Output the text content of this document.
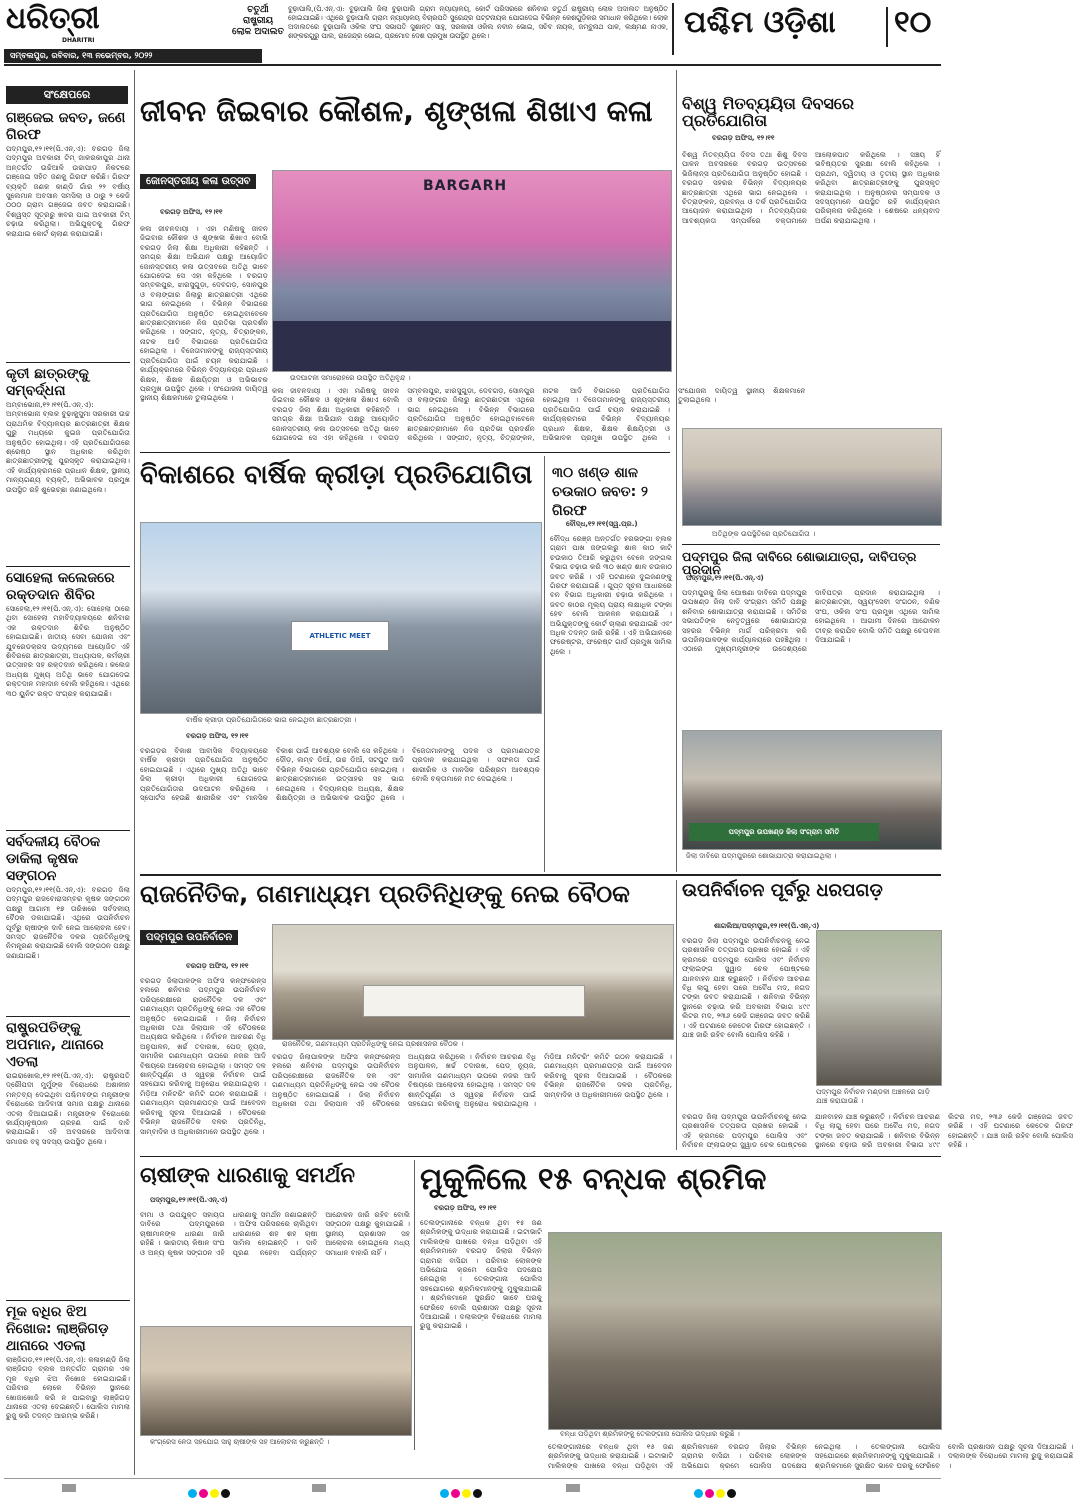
ଧରିତ୍ରୀ
DHARITRI
ସମ୍ବଲପୁର, ରବିବାର, ୧୩ ନଭେମ୍ବର, ୨୦୨୨
ଚତୁର୍ଥୀ ରାଷ୍ଟ୍ରୀୟ ଲୋକ ଅଦାଲତ
ବୁଢ଼ାପାଲି,(ପି.ଏନ୍.ଏ): ବୁଢ଼ାପାଲି ଜିଲା ବୁଢ଼ାପାଲି ଗ୍ରାମ ନ୍ୟାୟାଳୟ, କୋର୍ଟ ପରିସରରେ ଶନିବାର ଚତୁର୍ଥ ରାଷ୍ଟ୍ରୀୟ ଲୋକ ଅଦାଲତ ଅନୁଷ୍ଠିତ ହୋଇଯାଇଛି। ଏଥିରେ ବୁଢ଼ାପାଲି ଗ୍ରାମ ନ୍ୟାୟାଳୟ ବିଚାରପତି ସୁରେନ୍ଦ୍ର ପଟ୍ଟନାୟକ ଯୋଗଦେଇ ବିଭିନ୍ନ କେଶଗୁଡ଼ିକର ସମାଧାନ କରିଥିଲେ। ଲୋକ ଅଦାଲତରେ ବୁଢ଼ାପାଲି ଓକିଲ ସଂଘ ସଭାପତି ସୁଶାନ୍ତ ସାହୁ, ସରକାରୀ ଓକିଲ ନବୀନ ଭୋଇ, ସଚିବ ନାୟକ, ଜମ୍ବୁନାଥ ପାଳ, ଲକ୍ଷ୍ମଣ ନାଏକ, ଶଙ୍କରଗୁରୁ ପାଲ, ରାଜେନ୍ଦ୍ର ଭୋଇ, ପ୍ରମୋଦ ଦେଶ ପ୍ରମୁଖ ଉପସ୍ଥିତ ଥିଲେ।	ପଶ୍ଚିମ ଓଡ଼ିଶା ୧୦
ସଂକ୍ଷେପରେ
ଗଞ୍ଜେଇ ଜବତ, ଜଣେ ଗିରଫ
ପଦ୍ମପୁର,୧୨।୧୧(ପି.ଏନ୍.ଏ): ବରଗଡ଼ ଜିଲା ପଦ୍ମପୁର ଅବକାରୀ ଟିମ୍ ଜାକରକାପୁର ଥାନା ଅନ୍ତର୍ଗତ ଉଚ୍ଚିଆଳି ଉଚ୍ଚାପାଡ଼ ନିକଟରେ ଗଞ୍ଜେଇ ସହିତ ଜଣକୁ ଗିରଫ କରିଛି। ଗିରଫ ବ୍ୟକ୍ତି ଜଣକ କାଣ୍ଡି ଗାଁର ୨୨ ବର୍ଷୀୟ ସୁଲେମାନ ଅବସାନ ସମସିଲା ଓ ଠାରୁ ୨ କେଜି ୦୦୦ ଗ୍ରାମ ଗଞ୍ଜେଇ ଜବତ କରାଯାଇଛି। ବିଶ୍ୱସ୍ତ ସୂତ୍ରରୁ ଖବର ପାଇ ଅବକାରୀ ଟିମ୍ ଚଢ଼ାଉ କରିଥିଲା। ଅଭିଯୁକ୍ତକୁ ଗିରଫ କରାଯାଇ କୋର୍ଟ ଚାଲାଣ କରାଯାଇଛି।
କୃତୀ ଛାତ୍ରଙ୍କୁ ସମ୍ବର୍ଦ୍ଧନା
ଅମ୍ବାଭୋନା,୧୨।୧୧(ପି.ଏନ୍.ଏ): ଅମ୍ବାଭୋନା ବ୍ଲକ ବୁଢ଼ାକୁସୁମା ସରକାରୀ ଉଚ୍ଚ ପ୍ରାଥମିକ ବିଦ୍ୟାଳୟର ଛାତ୍ରଛାତ୍ରୀ ଶିକ୍ଷକ ଗୁରୁ ମଧ୍ୟରେ କୁଇଜ ପ୍ରତିଯୋଗିତା ଅନୁଷ୍ଠିତ ହୋଇଥିଲା। ଏହି ପ୍ରତିଯୋଗିତାରେ ଶ୍ରେଷ୍ଠ ସ୍ଥାନ ଅଧିକାର କରିଥିବା ଛାତ୍ରଛାତ୍ରୀଙ୍କୁ ପୁରସ୍କୃତ କରାଯାଇଥିଲା। ଏହି କାର୍ଯ୍ୟକ୍ରମରେ ପ୍ରଧାନ ଶିକ୍ଷକ, ସ୍ଥାନୀୟ ମାନ୍ୟଗଣ୍ୟ ବ୍ୟକ୍ତି, ଅଭିଭାବକ ପ୍ରମୁଖ ଉପସ୍ଥିତ ରହି ଶୁଭେଚ୍ଛା ଜଣାଇଥିଲେ।
ସୋହେଲା କଲେଜରେ ରକ୍ତଦାନ ଶିବିର
ସୋହେଲା,୧୨।୧୧(ପି.ଏନ୍.ଏ): ସୋହେଲା ଠାରେ ଥିବା ସୋହେଲା ମହାବିଦ୍ୟାଳୟରେ ଶନିବାର ଏକ ରକ୍ତଦାନ ଶିବିର ଅନୁଷ୍ଠିତ ହୋଇଯାଇଛି। ଜାତୀୟ ସେବା ଯୋଜନା ଏବଂ ଯୁବରେଡକ୍ରସ ଉଦ୍ୟମରେ ଆୟୋଜିତ ଏହି ଶିବିରରେ ଛାତ୍ରଛାତ୍ରୀ, ଅଧ୍ୟାପକ, କର୍ମଚାରୀ ଉତ୍ସାହର ସହ ରକ୍ତଦାନ କରିଥିଲେ। କଲେଜ ଅଧ୍ୟକ୍ଷ ମୁଖ୍ୟ ଅତିଥି ଭାବେ ଯୋଗଦେଇ ରକ୍ତଦାନ ମହାଦାନ ବୋଲି କହିଥିଲେ। ଏଥିରେ ୩୦ ୟୁନିଟ ରକ୍ତ ସଂଗ୍ରହ କରାଯାଇଛି।
ସର୍ବଦଳୀୟ ବୈଠକ
ଡାକିଲା କୃଷକ ସଙ୍ଗଠନ
ପଦ୍ମପୁର,୧୨।୧୧(ପି.ଏନ୍.ଏ): ବରଗଡ଼ ଜିଲା ପଦ୍ମପୁର ରାଜବୋରାସମ୍ବର କୃଷକ ସଙ୍ଗଠନ ପକ୍ଷରୁ ଆଗାମୀ ୧୭ ତାରିଖରେ ସର୍ବଦଳୀୟ ବୈଠକ ଡକାଯାଇଛି। ଏଥିରେ ଉପନିର୍ବାଚନ ପୂର୍ବରୁ ଚାଷୀଙ୍କ ଦାବି ନେଇ ଆଲୋଚନା ହେବ। ସମସ୍ତ ରାଜନୈତିକ ଦଳର ପ୍ରତିନିଧିଙ୍କୁ ନିମନ୍ତ୍ରଣ କରାଯାଇଛି ବୋଲି ସଙ୍ଗଠନ ପକ୍ଷରୁ ଜଣାଯାଇଛି।
ରାଷ୍ଟ୍ରପତିଙ୍କୁ ଅପମାନ, ଥାନାରେ ଏତଲା
ରାଇରାଖୋଲ,୧୨।୧୧(ପି.ଏନ୍.ଏ): ରାଷ୍ଟ୍ରପତି ଦ୍ରୌପଦୀ ମୁର୍ମୁଙ୍କ ବିରୋଧରେ ଅଶାଳୀନ ମନ୍ତବ୍ୟ ଦେଇଥିବା ପଶ୍ଚିମବଙ୍ଗ ମନ୍ତ୍ରୀଙ୍କ ବିରୋଧରେ ଆଦିବାସୀ ସମାଜ ପକ୍ଷରୁ ଥାନାରେ ଏତଲା ଦିଆଯାଇଛି। ମନ୍ତ୍ରୀଙ୍କ ବିରୋଧରେ କାର୍ଯ୍ୟାନୁଷ୍ଠାନ ଗ୍ରହଣ ପାଇଁ ଦାବି କରାଯାଇଛି। ଏହି ଅବସରରେ ଆଦିବାସୀ ସମାଜର ବହୁ ସଦସ୍ୟ ଉପସ୍ଥିତ ଥିଲେ।
ମୂକ ବଧିର ଝିଅ ନିଖୋଜ: ଲାଞ୍ଜିଗଡ଼ ଥାନାରେ ଏତଲା
ଲାଞ୍ଜିଗଡ଼,୧୨।୧୧(ପି.ଏନ୍.ଏ): କଳାହାଣ୍ଡି ଜିଲା ଲାଞ୍ଜିଗଡ଼ ବ୍ଲକ ଅନ୍ତର୍ଗତ ଗ୍ରାମର ଏକ ମୂକ ବଧିର ଝିଅ ନିଖୋଜ ହୋଇଯାଇଛି। ପରିବାର ଲୋକେ ବିଭିନ୍ନ ସ୍ଥାନରେ ଖୋଜାଖୋଜି କରି ନ ପାଇବାରୁ ଲାଞ୍ଜିଗଡ଼ ଥାନାରେ ଏତଲା ଦେଇଛନ୍ତି। ପୋଲିସ ମାମଲା ରୁଜୁ କରି ତଦନ୍ତ ଆରମ୍ଭ କରିଛି।
ଜୀବନ ଜିଇବାର କୌଶଳ, ଶୃଙ୍ଖଳା ଶିଖାଏ କଳା
ଜୋନସ୍ତରୀୟ କଳା ଉତ୍ସବ
ବରଗଡ଼ ଅଫିସ, ୧୨।୧୧
BARGARH
ଉଦଘାଟନୀ ସମାରୋହରେ ଉପସ୍ଥିତ ଅତିଥିବୃନ୍ଦ ।
କଳା ଜୀବନଦାୟୀ । ଏହା ମଣିଷକୁ ଜୀବନ ଜିଇବାର କୌଶଳ ଓ ଶୃଙ୍ଖଳା ଶିଖାଏ ବୋଲି ବରଗଡ଼ ଜିଲା ଶିକ୍ଷା ଅଧିକାରୀ କହିଛନ୍ତି । ସମଗ୍ର ଶିକ୍ଷା ଅଭିଯାନ ପକ୍ଷରୁ ଆୟୋଜିତ ଜୋନସ୍ତରୀୟ କଳା ଉତ୍ସବରେ ଅତିଥି ଭାବେ ଯୋଗଦେଇ ସେ ଏହା କହିଥିଲେ । ବରଗଡ଼ ସମ୍ବଲପୁର, ଝାରସୁଗୁଡ଼ା, ଦେବଗଡ଼, ସୋନପୁର ଓ ବଲାଙ୍ଗୀର ଜିଲାରୁ ଛାତ୍ରଛାତ୍ରୀ ଏଥିରେ ଭାଗ ନେଇଥିଲେ । ବିଭିନ୍ନ ବିଭାଗରେ ପ୍ରତିଯୋଗିତା ଅନୁଷ୍ଠିତ ହୋଇଥିବାବେଳେ ଛାତ୍ରଛାତ୍ରୀମାନେ ନିଜ ପ୍ରତିଭା ପ୍ରଦର୍ଶନ କରିଥିଲେ । ସଙ୍ଗୀତ, ନୃତ୍ୟ, ଚିତ୍ରାଙ୍କନ, ନାଟକ ଆଦି ବିଭାଗରେ ପ୍ରତିଯୋଗିତା ହୋଇଥିଲା । ବିଜେତାମାନଙ୍କୁ ରାଜ୍ୟସ୍ତରୀୟ ପ୍ରତିଯୋଗିତା ପାଇଁ ଚୟନ କରାଯାଇଛି । କାର୍ଯ୍ୟକ୍ରମରେ ବିଭିନ୍ନ ବିଦ୍ୟାଳୟର ପ୍ରଧାନ ଶିକ୍ଷକ, ଶିକ୍ଷକ ଶିକ୍ଷୟିତ୍ରୀ ଓ ଅଭିଭାବକ ପ୍ରମୁଖ ଉପସ୍ଥିତ ଥିଲେ । ସଂଯୋଜନା ଦାୟିତ୍ୱ ସ୍ଥାନୀୟ ଶିକ୍ଷକମାନେ ତୁଲାଇଥିଲେ ।
କଳା ଜୀବନଦାୟୀ । ଏହା ମଣିଷକୁ ଜୀବନ ଜିଇବାର କୌଶଳ ଓ ଶୃଙ୍ଖଳା ଶିଖାଏ ବୋଲି ବରଗଡ଼ ଜିଲା ଶିକ୍ଷା ଅଧିକାରୀ କହିଛନ୍ତି । ସମଗ୍ର ଶିକ୍ଷା ଅଭିଯାନ ପକ୍ଷରୁ ଆୟୋଜିତ ଜୋନସ୍ତରୀୟ କଳା ଉତ୍ସବରେ ଅତିଥି ଭାବେ ଯୋଗଦେଇ ସେ ଏହା କହିଥିଲେ । ବରଗଡ଼ ସମ୍ବଲପୁର, ଝାରସୁଗୁଡ଼ା, ଦେବଗଡ଼, ସୋନପୁର ଓ ବଲାଙ୍ଗୀର ଜିଲାରୁ ଛାତ୍ରଛାତ୍ରୀ ଏଥିରେ ଭାଗ ନେଇଥିଲେ । ବିଭିନ୍ନ ବିଭାଗରେ ପ୍ରତିଯୋଗିତା ଅନୁଷ୍ଠିତ ହୋଇଥିବାବେଳେ ଛାତ୍ରଛାତ୍ରୀମାନେ ନିଜ ପ୍ରତିଭା ପ୍ରଦର୍ଶନ କରିଥିଲେ । ସଙ୍ଗୀତ, ନୃତ୍ୟ, ଚିତ୍ରାଙ୍କନ, ନାଟକ ଆଦି ବିଭାଗରେ ପ୍ରତିଯୋଗିତା ହୋଇଥିଲା । ବିଜେତାମାନଙ୍କୁ ରାଜ୍ୟସ୍ତରୀୟ ପ୍ରତିଯୋଗିତା ପାଇଁ ଚୟନ କରାଯାଇଛି । କାର୍ଯ୍ୟକ୍ରମରେ ବିଭିନ୍ନ ବିଦ୍ୟାଳୟର ପ୍ରଧାନ ଶିକ୍ଷକ, ଶିକ୍ଷକ ଶିକ୍ଷୟିତ୍ରୀ ଓ ଅଭିଭାବକ ପ୍ରମୁଖ ଉପସ୍ଥିତ ଥିଲେ । ସଂଯୋଜନା ଦାୟିତ୍ୱ ସ୍ଥାନୀୟ ଶିକ୍ଷକମାନେ ତୁଲାଇଥିଲେ ।
ବିକାଶରେ ବାର୍ଷିକ କ୍ରୀଡ଼ା ପ୍ରତିଯୋଗିତା
ATHLETIC MEET
ବାର୍ଷିକ କ୍ରୀଡ଼ା ପ୍ରତିଯୋଗିତାରେ ଭାଗ ନେଇଥିବା ଛାତ୍ରଛାତ୍ରୀ ।
ବରଗଡ଼ ଅଫିସ, ୧୨।୧୧
ବରଗଡ଼ର ବିକାଶ ଆବାସିକ ବିଦ୍ୟାଳୟରେ ବାର୍ଷିକ କ୍ରୀଡ଼ା ପ୍ରତିଯୋଗିତା ଅନୁଷ୍ଠିତ ହୋଇଯାଇଛି । ଏଥିରେ ମୁଖ୍ୟ ଅତିଥି ଭାବେ ଜିଲା କ୍ରୀଡ଼ା ଅଧିକାରୀ ଯୋଗଦେଇ ପ୍ରତିଯୋଗିତାର ଉଦଘାଟନ କରିଥିଲେ । ସ୍ପୋର୍ଟସ ହେଉଛି ଶାରୀରିକ ଏବଂ ମାନସିକ ବିକାଶ ପାଇଁ ଆବଶ୍ୟକ ବୋଲି ସେ କହିଥିଲେ । ଦୌଡ଼, ଲମ୍ବ ଡିଆଁ, ଉଚ୍ଚ ଡିଆଁ, ସଟପୁଟ ଆଦି ବିଭିନ୍ନ ବିଭାଗରେ ପ୍ରତିଯୋଗିତା ହୋଇଥିଲା । ଛାତ୍ରଛାତ୍ରୀମାନେ ଉତ୍ସାହର ସହ ଭାଗ ନେଇଥିଲେ । ବିଦ୍ୟାଳୟର ଅଧ୍ୟକ୍ଷ, ଶିକ୍ଷକ ଶିକ୍ଷୟିତ୍ରୀ ଓ ଅଭିଭାବକ ଉପସ୍ଥିତ ଥିଲେ । ବିଜେତାମାନଙ୍କୁ ପଦକ ଓ ପ୍ରମାଣପତ୍ର ପ୍ରଦାନ କରାଯାଇଥିଲା । ସଫଳତା ପାଇଁ ଶାରୀରିକ ଓ ମାନସିକ ପରିଶ୍ରମ ଆବଶ୍ୟକ ବୋଲି ବକ୍ତାମାନେ ମତ ଦେଇଥିଲେ ।
୩୦ ଖଣ୍ଡ ଶାଳ ଚଉକାଠ ଜବତ: ୨ ଗିରଫ
ବୌଦ୍ଧ,୧୨।୧୧(ସ୍ୱ.ପ୍ର.)
ବୌଦ୍ଧ ରେଞ୍ଜ ଅନ୍ତର୍ଗତ ହରଭଙ୍ଗା ବ୍ଲକ ଗ୍ରାମ ପାଖ ଜଙ୍ଗଲରୁ ଶାଳ କାଠ କାଟି ଚଉକାଠ ତିଆରି କରୁଥିବା ବେଳେ ଜଙ୍ଗଲ ବିଭାଗ ଚଢ଼ାଉ କରି ୩୦ ଖଣ୍ଡ ଶାଳ ଚଉକାଠ ଜବତ କରିଛି । ଏହି ଘଟଣାରେ ଦୁଇଜଣଙ୍କୁ ଗିରଫ କରାଯାଇଛି । ଗୁପ୍ତ ସୂଚନା ଆଧାରରେ ବନ ବିଭାଗ ଅଧିକାରୀ ଚଢ଼ାଉ କରିଥିଲେ । ଜବତ କାଠର ମୂଲ୍ୟ ପ୍ରାୟ ଲକ୍ଷାଧିକ ଟଙ୍କା ହେବ ବୋଲି ଆକଳନ କରାଯାଉଛି । ଅଭିଯୁକ୍ତଙ୍କୁ କୋର୍ଟ ଚାଲାଣ କରାଯାଇଛି ଏବଂ ଅଧିକ ତଦନ୍ତ ଜାରି ରହିଛି । ଏହି ଅଭିଯାନରେ ଫରେଷ୍ଟର, ଫରେଷ୍ଟ ଗାର୍ଡ ପ୍ରମୁଖ ସାମିଲ ଥିଲେ ।
ବିଶ୍ୱ ମିତବ୍ୟୟିତା ଦିବସରେ ପ୍ରତିଯୋଗିତା
ବରଗଡ଼ ଅଫିସ, ୧୨।୧୧
ବିଶ୍ୱ ମିତବ୍ୟୟିତା ଦିବସ ତଥା ଶିଶୁ ଦିବସ ପାଳନ ଅବସରରେ ବରଗଡ଼ ଉତ୍ସବରେ ଭିଜିଲାନ୍ସ ପ୍ରତିଯୋଗିତା ଅନୁଷ୍ଠିତ ହୋଇଛି । ବରଗଡ଼ ସହରର ବିଭିନ୍ନ ବିଦ୍ୟାଳୟର ଛାତ୍ରଛାତ୍ରୀ ଏଥିରେ ଭାଗ ନେଇଥିଲେ । ଚିତ୍ରାଙ୍କନ, ପ୍ରବନ୍ଧ ଓ ତର୍କ ପ୍ରତିଯୋଗିତା ଆୟୋଜନ କରାଯାଇଥିଲା । ମିତବ୍ୟୟିତାର ଆବଶ୍ୟକତା ସମ୍ପର୍କରେ ବକ୍ତାମାନେ ଆଲୋକପାତ କରିଥିଲେ । ସଞ୍ଚୟ ହିଁ ଭବିଷ୍ୟତର ସୁରକ୍ଷା ବୋଲି କହିଥିଲେ । ପ୍ରଥମ, ଦ୍ୱିତୀୟ ଓ ତୃତୀୟ ସ୍ଥାନ ଅଧିକାର କରିଥିବା ଛାତ୍ରଛାତ୍ରୀଙ୍କୁ ପୁରସ୍କୃତ କରାଯାଇଥିଲା । ଅନୁଷ୍ଠାନର ସମ୍ପାଦକ ଓ ସଦସ୍ୟମାନେ ଉପସ୍ଥିତ ରହି କାର୍ଯ୍ୟକ୍ରମ ପରିଚାଳନା କରିଥିଲେ । ଶେଷରେ ଧନ୍ୟବାଦ ଅର୍ପଣ କରାଯାଇଥିଲା ।
ଅତିଥିଙ୍କ ଉପସ୍ଥିତିରେ ପ୍ରତିଯୋଗିତା ।
ପଦ୍ମପୁର ଜିଲା ଦାବିରେ ଶୋଭାଯାତ୍ରା, ଦାବିପତ୍ର ପ୍ରଦାନ
ପଦ୍ମପୁର,୧୨।୧୧(ପି.ଏନ୍.ଏ)
ପଦ୍ମପୁରକୁ ଜିଲା ଘୋଷଣା ଦାବିରେ ପଦ୍ମପୁର ଉପଖଣ୍ଡ ଜିଲା ଦାବି ସଂଗ୍ରାମ ସମିତି ପକ୍ଷରୁ ଶନିବାର ଶୋଭାଯାତ୍ରା କରାଯାଇଛି । ସମିତିର ସଭାପତିଙ୍କ ନେତୃତ୍ୱରେ ଶୋଭାଯାତ୍ରା ସହରର ବିଭିନ୍ନ ମାର୍ଗ ପରିକ୍ରମା କରି ଉପଜିଲାପାଳଙ୍କ କାର୍ଯ୍ୟାଳୟରେ ପହଞ୍ଚିଥିଲା । ଏଠାରେ ମୁଖ୍ୟମନ୍ତ୍ରୀଙ୍କ ଉଦ୍ଦେଶ୍ୟରେ ଦାବିପତ୍ର ପ୍ରଦାନ କରାଯାଇଥିଲା । ଛାତ୍ରଛାତ୍ରୀ, ସ୍ୱୟଂସେବୀ ସଂଗଠନ, ବଣିକ ସଂଘ, ଓକିଲ ସଂଘ ପ୍ରମୁଖ ଏଥିରେ ସାମିଲ ହୋଇଥିଲେ । ଆଗାମୀ ଦିନରେ ଆନ୍ଦୋଳନ ତୀବ୍ର କରାଯିବ ବୋଲି ସମିତି ପକ୍ଷରୁ ଚେତାବନୀ ଦିଆଯାଇଛି ।
ପଦ୍ମପୁର ଉପଖଣ୍ଡ ଜିଲା ସଂଗ୍ରାମ ସମିତି
ଜିଲା ଦାବିରେ ପଦ୍ମପୁରରେ ଶୋଭାଯାତ୍ରା କରାଯାଇଥିଲା ।
ରାଜନୈତିକ, ଗଣମାଧ୍ୟମ ପ୍ରତିନିଧିଙ୍କୁ ନେଇ ବୈଠକ
ପଦ୍ମପୁର ଉପନିର୍ବାଚନ
ବରଗଡ଼ ଅଫିସ, ୧୨।୧୧
ବରଗଡ଼ ଜିଲାପାଳଙ୍କ ଅଫିସ କନ୍ଫରେନ୍ସ ହଲରେ ଶନିବାର ପଦ୍ମପୁର ଉପନିର୍ବାଚନ ପରିପ୍ରେକ୍ଷୀରେ ରାଜନୈତିକ ଦଳ ଏବଂ ଗଣମାଧ୍ୟମ ପ୍ରତିନିଧିଙ୍କୁ ନେଇ ଏକ ବୈଠକ ଅନୁଷ୍ଠିତ ହୋଇଯାଇଛି । ଜିଲା ନିର୍ବାଚନ ଅଧିକାରୀ ତଥା ଜିଲାପାଳ ଏହି ବୈଠକରେ ଅଧ୍ୟକ୍ଷତା କରିଥିଲେ । ନିର୍ବାଚନ ଆଚରଣ ବିଧି ଅନୁପାଳନ, ଖର୍ଚ୍ଚ ତଦାରଖ, ପେଡ୍ ନ୍ୟୁଜ, ସାମାଜିକ ଗଣମାଧ୍ୟମ ଉପରେ ନଜର ଆଦି ବିଷୟରେ ଆଲୋଚନା ହୋଇଥିଲା । ସମସ୍ତ ଦଳ ଶାନ୍ତିପୂର୍ଣ୍ଣ ଓ ସ୍ୱଚ୍ଛ ନିର୍ବାଚନ ପାଇଁ ସହଯୋଗ କରିବାକୁ ଅନୁରୋଧ କରାଯାଇଥିଲା । ମିଡ଼ିଆ ମନିଟରିଂ କମିଟି ଗଠନ କରାଯାଇଛି । ଗଣମାଧ୍ୟମ ପ୍ରମାଣପତ୍ର ପାଇଁ ଆବେଦନ କରିବାକୁ ସୂଚନା ଦିଆଯାଇଛି । ବୈଠକରେ ବିଭିନ୍ନ ରାଜନୈତିକ ଦଳର ପ୍ରତିନିଧି, ସାମ୍ବାଦିକ ଓ ଅଧିକାରୀମାନେ ଉପସ୍ଥିତ ଥିଲେ ।
ରାଜନୈତିକ, ଗଣମାଧ୍ୟମ ପ୍ରତିନିଧିଙ୍କୁ ନେଇ ପ୍ରଶାସନର ବୈଠକ ।
ବରଗଡ଼ ଜିଲାପାଳଙ୍କ ଅଫିସ କନ୍ଫରେନ୍ସ ହଲରେ ଶନିବାର ପଦ୍ମପୁର ଉପନିର୍ବାଚନ ପରିପ୍ରେକ୍ଷୀରେ ରାଜନୈତିକ ଦଳ ଏବଂ ଗଣମାଧ୍ୟମ ପ୍ରତିନିଧିଙ୍କୁ ନେଇ ଏକ ବୈଠକ ଅନୁଷ୍ଠିତ ହୋଇଯାଇଛି । ଜିଲା ନିର୍ବାଚନ ଅଧିକାରୀ ତଥା ଜିଲାପାଳ ଏହି ବୈଠକରେ ଅଧ୍ୟକ୍ଷତା କରିଥିଲେ । ନିର୍ବାଚନ ଆଚରଣ ବିଧି ଅନୁପାଳନ, ଖର୍ଚ୍ଚ ତଦାରଖ, ପେଡ୍ ନ୍ୟୁଜ, ସାମାଜିକ ଗଣମାଧ୍ୟମ ଉପରେ ନଜର ଆଦି ବିଷୟରେ ଆଲୋଚନା ହୋଇଥିଲା । ସମସ୍ତ ଦଳ ଶାନ୍ତିପୂର୍ଣ୍ଣ ଓ ସ୍ୱଚ୍ଛ ନିର୍ବାଚନ ପାଇଁ ସହଯୋଗ କରିବାକୁ ଅନୁରୋଧ କରାଯାଇଥିଲା । ମିଡ଼ିଆ ମନିଟରିଂ କମିଟି ଗଠନ କରାଯାଇଛି । ଗଣମାଧ୍ୟମ ପ୍ରମାଣପତ୍ର ପାଇଁ ଆବେଦନ କରିବାକୁ ସୂଚନା ଦିଆଯାଇଛି । ବୈଠକରେ ବିଭିନ୍ନ ରାଜନୈତିକ ଦଳର ପ୍ରତିନିଧି, ସାମ୍ବାଦିକ ଓ ଅଧିକାରୀମାନେ ଉପସ୍ଥିତ ଥିଲେ ।
ଉପନିର୍ବାଚନ ପୂର୍ବରୁ ଧରପଗଡ଼
ଶାଗଲିଆ/ପଦ୍ମପୁର,୧୨।୧୧(ପି.ଏନ୍.ଏ)
ବରଗଡ଼ ଜିଲା ପଦ୍ମପୁର ଉପନିର୍ବାଚନକୁ ନେଇ ପ୍ରଶାସନିକ ତତ୍ପରତା ପ୍ରଖର ହୋଇଛି । ଏହି କ୍ରମରେ ପଦ୍ମପୁର ପୋଲିସ ଏବଂ ନିର୍ବାଚନ ଫ୍ଲାଇଙ୍ଗ ସ୍କ୍ୱାଡ ଚେକ ପୋଷ୍ଟରେ ଯାନବାହନ ଯାଞ୍ଚ କରୁଛନ୍ତି । ନିର୍ବାଚନ ଆଚରଣ ବିଧି ଲାଗୁ ହେବା ପରେ ଅବୈଧ ମଦ, ନଗଦ ଟଙ୍କା ଜବତ କରାଯାଇଛି । ଶନିବାର ବିଭିନ୍ନ ସ୍ଥାନରେ ଚଢ଼ାଉ କରି ଅବକାରୀ ବିଭାଗ ୪୯୯ ଲିଟର ମଦ, ୨୩୬ କେଜି ଗଞ୍ଜେଇ ଜବତ କରିଛି । ଏହି ଘଟଣାରେ କେତେକ ଗିରଫ ହୋଇଛନ୍ତି । ଯାଞ୍ଚ ଜାରି ରହିବ ବୋଲି ପୋଲିସ କହିଛି ।
ପଦ୍ମପୁର ନିର୍ବାଚନ ମଣ୍ଡଳୀ ଅଞ୍ଚଳରେ ଗାଡ଼ି ଯାଞ୍ଚ କରାଯାଉଛି ।
ବରଗଡ଼ ଜିଲା ପଦ୍ମପୁର ଉପନିର୍ବାଚନକୁ ନେଇ ପ୍ରଶାସନିକ ତତ୍ପରତା ପ୍ରଖର ହୋଇଛି । ଏହି କ୍ରମରେ ପଦ୍ମପୁର ପୋଲିସ ଏବଂ ନିର୍ବାଚନ ଫ୍ଲାଇଙ୍ଗ ସ୍କ୍ୱାଡ ଚେକ ପୋଷ୍ଟରେ ଯାନବାହନ ଯାଞ୍ଚ କରୁଛନ୍ତି । ନିର୍ବାଚନ ଆଚରଣ ବିଧି ଲାଗୁ ହେବା ପରେ ଅବୈଧ ମଦ, ନଗଦ ଟଙ୍କା ଜବତ କରାଯାଇଛି । ଶନିବାର ବିଭିନ୍ନ ସ୍ଥାନରେ ଚଢ଼ାଉ କରି ଅବକାରୀ ବିଭାଗ ୪୯୯ ଲିଟର ମଦ, ୨୩୬ କେଜି ଗଞ୍ଜେଇ ଜବତ କରିଛି । ଏହି ଘଟଣାରେ କେତେକ ଗିରଫ ହୋଇଛନ୍ତି । ଯାଞ୍ଚ ଜାରି ରହିବ ବୋଲି ପୋଲିସ କହିଛି ।
ଚାଷୀଙ୍କ ଧାରଣାକୁ ସମର୍ଥନ
ପଦ୍ମପୁର,୧୨।୧୧(ପି.ଏନ୍.ଏ)
ବୀମା ଓ ଉପଯୁକ୍ତ ସହାୟତା ଦାବିରେ ପଦ୍ମପୁରରେ ଚାଷୀମାନଙ୍କ ଧାରଣା ଜାରି ରହିଛି । ଭାରତୀୟ କିଷାନ ସଂଘ ଓ ଅନ୍ୟ କୃଷକ ସଙ୍ଗଠନ ଏହି ଧାରଣାକୁ ସମର୍ଥନ ଜଣାଇଛନ୍ତି । ଅଫିସ ପରିସରରେ ଚାଲିଥିବା ଧାରଣାରେ ଶହ ଶହ ଚାଷୀ ସାମିଲ ହୋଇଛନ୍ତି । ଦାବି ପୂରଣ ନହେବା ପର୍ଯ୍ୟନ୍ତ ଆନ୍ଦୋଳନ ଜାରି ରହିବ ବୋଲି ସଙ୍ଗଠନ ପକ୍ଷରୁ କୁହାଯାଇଛି । ସ୍ଥାନୀୟ ପ୍ରଶାସନ ସହ ଆଲୋଚନା ହୋଇଥିଲେ ମଧ୍ୟ ସମାଧାନ ବାହାରି ନାହିଁ ।
କଂଗ୍ରେସ ନେତା ସହଯୋଗ ସାହୁ ଚାଷୀଙ୍କ ସହ ଆଲୋଚନା କରୁଛନ୍ତି ।
ମୁକୁଳିଲେ ୧୫ ବନ୍ଧକ ଶ୍ରମିକ
ବରଗଡ଼ ଅଫିସ, ୧୨।୧୧
ତେଲଙ୍ଗାନାରେ ବନ୍ଧକ ଥିବା ୧୫ ଜଣ ଶ୍ରମିକଙ୍କୁ ଉଦ୍ଧାର କରାଯାଇଛି । ଇଟାଭାଟି ମାଲିକଙ୍କ ପାଖରେ ବନ୍ଧା ପଡ଼ିଥିବା ଏହି ଶ୍ରମିକମାନେ ବରଗଡ଼ ଜିଲାର ବିଭିନ୍ନ ଗ୍ରାମର ବାସିନ୍ଦା । ପରିବାର ଲୋକଙ୍କ ଅଭିଯୋଗ କ୍ରମେ ପୋଲିସ ପଦକ୍ଷେପ ନେଇଥିଲା । ତେଲଙ୍ଗାନା ପୋଲିସ ସହଯୋଗରେ ଶ୍ରମିକମାନଙ୍କୁ ମୁକୁଳାଯାଇଛି । ଶ୍ରମିକମାନେ ସୁରକ୍ଷିତ ଭାବେ ଘରକୁ ଫେରିବେ ବୋଲି ପ୍ରଶାସନ ପକ୍ଷରୁ ସୂଚନା ଦିଆଯାଇଛି । ଦଲାଲଙ୍କ ବିରୋଧରେ ମାମଲା ରୁଜୁ କରାଯାଇଛି ।
ବନ୍ଧା ପଡ଼ିଥିବା ଶ୍ରମିକଙ୍କୁ ତେଲଙ୍ଗାନା ପୋଲିସ ଉଦ୍ଧାର କରୁଛି ।
ତେଲଙ୍ଗାନାରେ ବନ୍ଧକ ଥିବା ୧୫ ଜଣ ଶ୍ରମିକଙ୍କୁ ଉଦ୍ଧାର କରାଯାଇଛି । ଇଟାଭାଟି ମାଲିକଙ୍କ ପାଖରେ ବନ୍ଧା ପଡ଼ିଥିବା ଏହି ଶ୍ରମିକମାନେ ବରଗଡ଼ ଜିଲାର ବିଭିନ୍ନ ଗ୍ରାମର ବାସିନ୍ଦା । ପରିବାର ଲୋକଙ୍କ ଅଭିଯୋଗ କ୍ରମେ ପୋଲିସ ପଦକ୍ଷେପ ନେଇଥିଲା । ତେଲଙ୍ଗାନା ପୋଲିସ ସହଯୋଗରେ ଶ୍ରମିକମାନଙ୍କୁ ମୁକୁଳାଯାଇଛି । ଶ୍ରମିକମାନେ ସୁରକ୍ଷିତ ଭାବେ ଘରକୁ ଫେରିବେ ବୋଲି ପ୍ରଶାସନ ପକ୍ଷରୁ ସୂଚନା ଦିଆଯାଇଛି । ଦଲାଲଙ୍କ ବିରୋଧରେ ମାମଲା ରୁଜୁ କରାଯାଇଛି ।
